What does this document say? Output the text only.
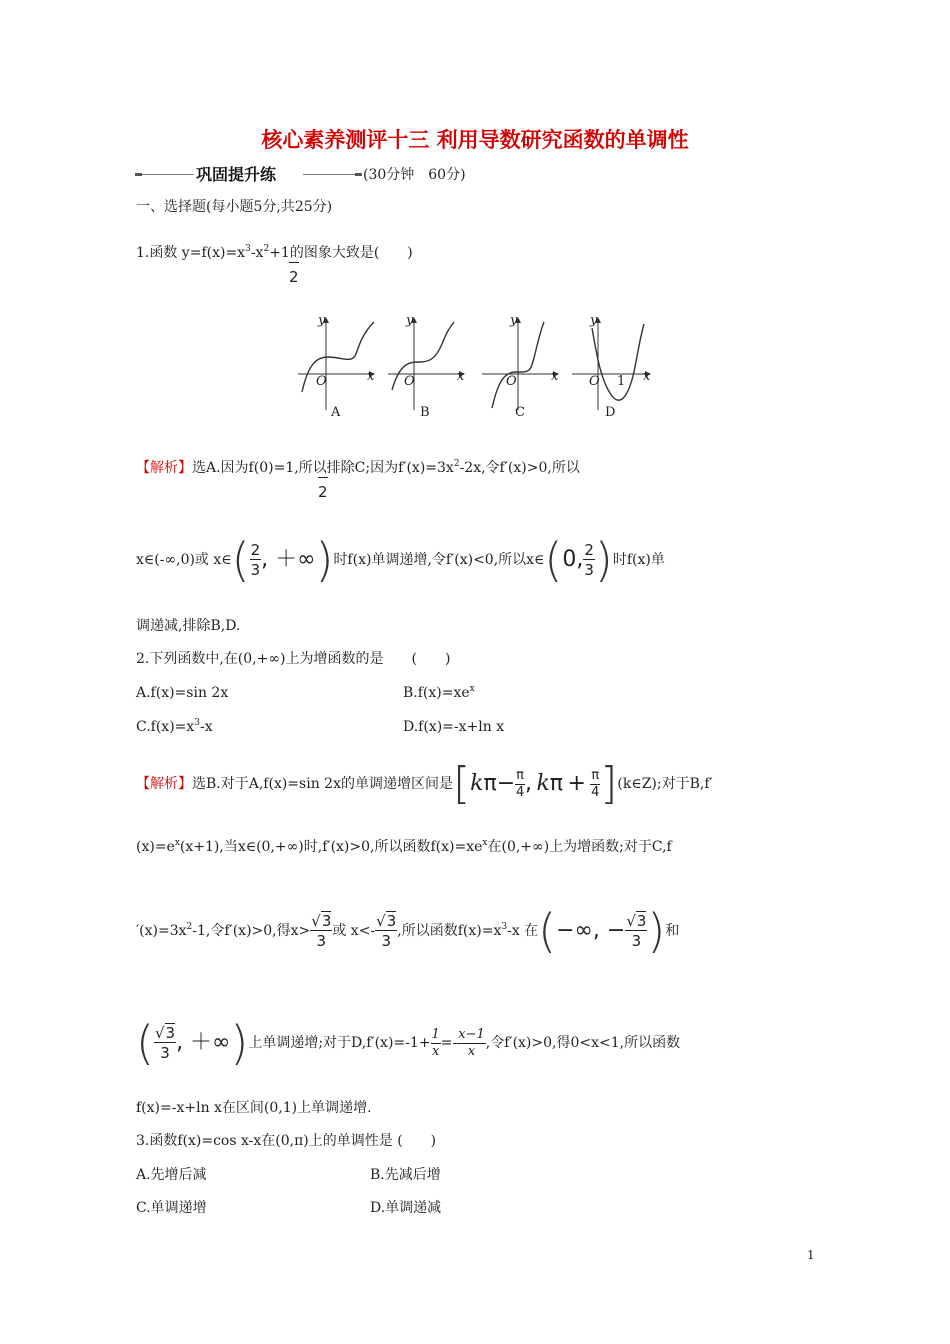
核心素养测评十三 利用导数研究函数的单调性
巩固提升练	(30分钟　60分)
一、选择题(每小题5分,共25分)
1.函数 $y=f(x)=x^3-x^2+1$的图象大致是(　　)
2
y
x
O
y
x
O
y
x
O
y
x
O 1
A	B	C	D
【解析】选A.因为f(0)=1,所以排除C;因为$f'(x)=3x^2-2x$,令f′(x)>0,所以
2
x∈(-∞,0)或 x∈( $\frac{2}{3}$ , ＋∞)时f(x)单调递增,令f′(x)<0,所以x∈(0, $\frac{2}{3}$ )时f(x)单
调递减,排除B,D.
2.下列函数中,在(0,+∞)上为增函数的是　　(　　)
A.f(x)=sin 2x	$B.f(x)=xe^x$
$C.f(x)=x^3-x$	D.f(x)=-x+ln x
【解析】选B.对于A,f(x)=sin 2x的单调递增区间是[$k\pi- \frac{\pi}{4}$ , $k\pi + \frac{\pi}{4}$ ](k∈Z);对于B,f′
$(x)=e^x(x+1)$,当x∈(0,+∞)时,f′(x)>0,所以函数$f(x)=xe^x$在(0,+∞)上为增函数;对于C,f
$'(x)=3x^2-1$,令f′(x)>0,得$x> \frac{√3}{3}$ 或 $x<- \frac{√3}{3}$ ,所以函数$f(x)=x^3-x$ 在(−∞, − $\frac{√3}{3}$ )和
( $\frac{√3}{3}$ , ＋∞)上单调递增;对于$D,f'(x)=-1+ \frac{1}{x} =- \frac{x-1}{x}$ ,令f′(x)>0,得0<x<1,所以函数
f(x)=-x+ln x在区间(0,1)上单调递增.
3.函数f(x)=cos x-x在(0,π)上的单调性是 (　　)
A.先增后减	B.先减后增
C.单调递增	D.单调递减
1
